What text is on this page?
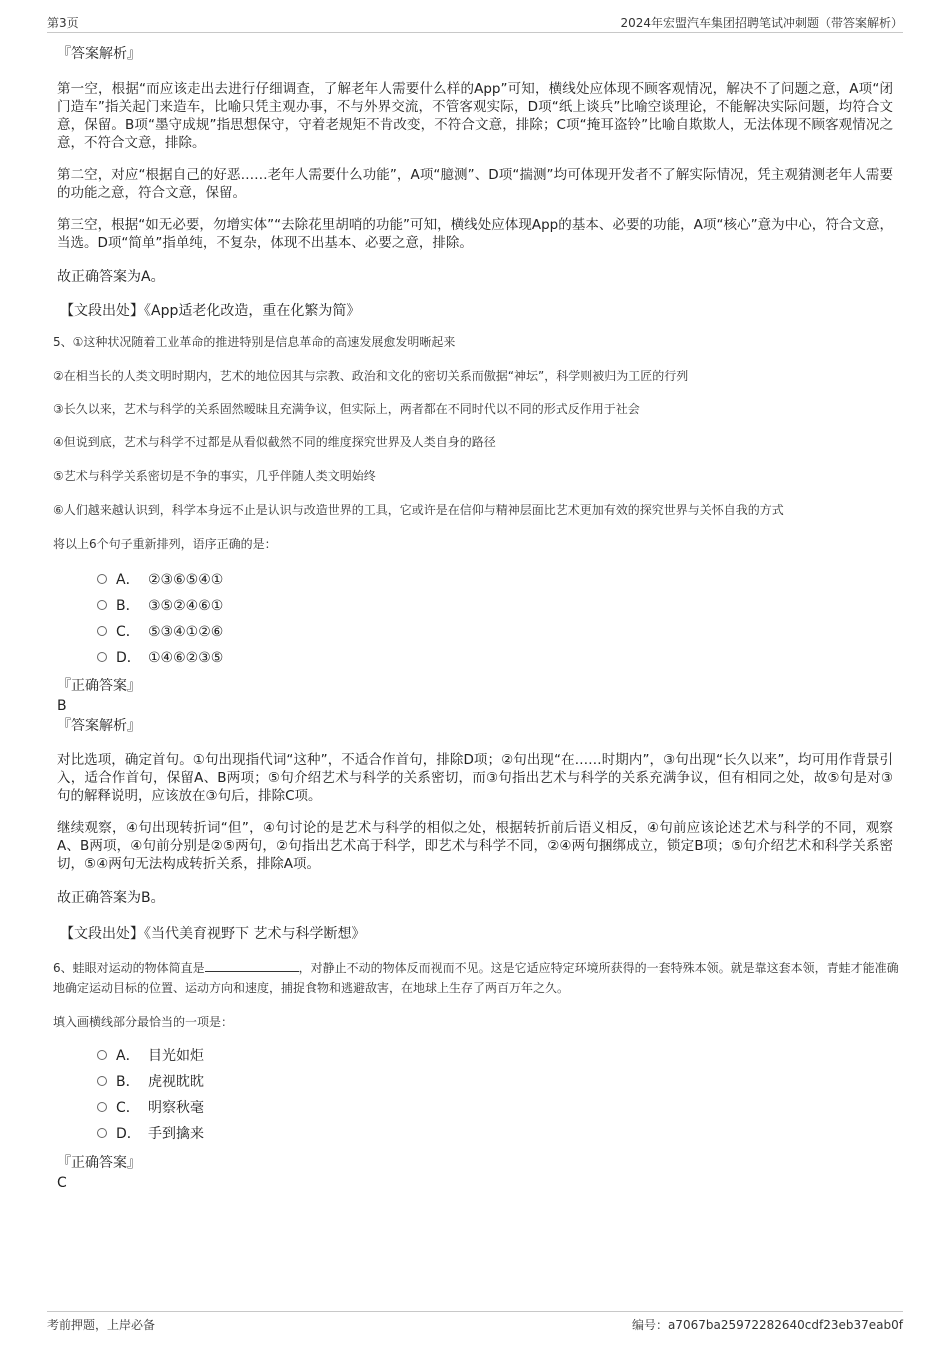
第3页	2024年宏盟汽车集团招聘笔试冲刺题（带答案解析）

『答案解析』

第一空，根据“而应该走出去进行仔细调查，了解老年人需要什么样的App”可知，横线处应体现不顾客观情况，解决不了问题之意，A项“闭门造车”指关起门来造车，比喻只凭主观办事，不与外界交流，不管客观实际，D项“纸上谈兵”比喻空谈理论，不能解决实际问题，均符合文意，保留。B项“墨守成规”指思想保守，守着老规矩不肯改变，不符合文意，排除；C项“掩耳盗铃”比喻自欺欺人，无法体现不顾客观情况之意，不符合文意，排除。

第二空，对应“根据自己的好恶……老年人需要什么功能”，A项“臆测”、D项“揣测”均可体现开发者不了解实际情况，凭主观猜测老年人需要的功能之意，符合文意，保留。

第三空，根据“如无必要，勿增实体”“去除花里胡哨的功能”可知，横线处应体现App的基本、必要的功能，A项“核心”意为中心，符合文意，当选。D项“简单”指单纯，不复杂，体现不出基本、必要之意，排除。

故正确答案为A。

【文段出处】《App适老化改造，重在化繁为简》

5、①这种状况随着工业革命的推进特别是信息革命的高速发展愈发明晰起来

②在相当长的人类文明时期内，艺术的地位因其与宗教、政治和文化的密切关系而傲据“神坛”，科学则被归为工匠的行列

③长久以来，艺术与科学的关系固然暧昧且充满争议，但实际上，两者都在不同时代以不同的形式反作用于社会

④但说到底，艺术与科学不过都是从看似截然不同的维度探究世界及人类自身的路径

⑤艺术与科学关系密切是不争的事实，几乎伴随人类文明始终

⑥人们越来越认识到，科学本身远不止是认识与改造世界的工具，它或许是在信仰与精神层面比艺术更加有效的探究世界与关怀自我的方式

将以上6个句子重新排列，语序正确的是：

A． ②③⑥⑤④①
B． ③⑤②④⑥①
C． ⑤③④①②⑥
D． ①④⑥②③⑤

『正确答案』

B

『答案解析』

对比选项，确定首句。①句出现指代词“这种”，不适合作首句，排除D项；②句出现“在……时期内”，③句出现“长久以来”，均可用作背景引入，适合作首句，保留A、B两项；⑤句介绍艺术与科学的关系密切，而③句指出艺术与科学的关系充满争议，但有相同之处，故⑤句是对③句的解释说明，应该放在③句后，排除C项。

继续观察，④句出现转折词“但”，④句讨论的是艺术与科学的相似之处，根据转折前后语义相反，④句前应该论述艺术与科学的不同，观察A、B两项，④句前分别是②⑤两句，②句指出艺术高于科学，即艺术与科学不同，②④两句捆绑成立，锁定B项；⑤句介绍艺术和科学关系密切，⑤④两句无法构成转折关系，排除A项。

故正确答案为B。

【文段出处】《当代美育视野下 艺术与科学断想》

6、蛙眼对运动的物体简直是	，对静止不动的物体反而视而不见。这是它适应特定环境所获得的一套特殊本领。就是靠这套本领，青蛙才能准确地确定运动目标的位置、运动方向和速度，捕捉食物和逃避敌害，在地球上生存了两百万年之久。

填入画横线部分最恰当的一项是：

A． 目光如炬
B． 虎视眈眈
C． 明察秋毫
D． 手到擒来

『正确答案』

C

考前押题，上岸必备	编号：a7067ba25972282640cdf23eb37eab0f
